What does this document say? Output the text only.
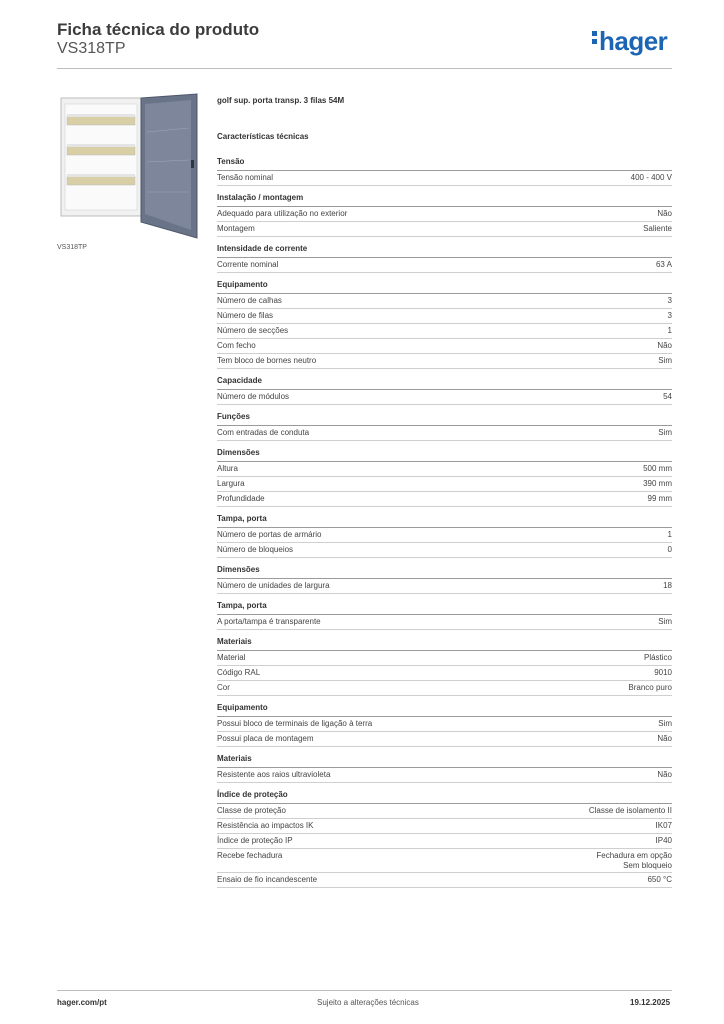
Ficha técnica do produto
VS318TP	hager
VS318TP
golf sup. porta transp. 3 filas 54M
Características técnicas
Tensão
Tensão nominal	400 - 400 V
Instalação / montagem
Adequado para utilização no exterior	Não
Montagem	Saliente
Intensidade de corrente
Corrente nominal	63 A
Equipamento
Número de calhas	3
Número de filas	3
Número de secções	1
Com fecho	Não
Tem bloco de bornes neutro	Sim
Capacidade
Número de módulos	54
Funções
Com entradas de conduta	Sim
Dimensões
Altura	500 mm
Largura	390 mm
Profundidade	99 mm
Tampa, porta
Número de portas de armário	1
Número de bloqueios	0
Dimensões
Número de unidades de largura	18
Tampa, porta
A porta/tampa é transparente	Sim
Materiais
Material	Plástico
Código RAL	9010
Cor	Branco puro
Equipamento
Possui bloco de terminais de ligação à terra	Sim
Possui placa de montagem	Não
Materiais
Resistente aos raios ultravioleta	Não
Índice de proteção
Classe de proteção	Classe de isolamento II
Resistência ao impactos IK	IK07
Índice de proteção IP	IP40
Recebe fechadura	Fechadura em opção
Sem bloqueio
Ensaio de fio incandescente	650 °C
hager.com/pt	Sujeito a alterações técnicas	19.12.2025
